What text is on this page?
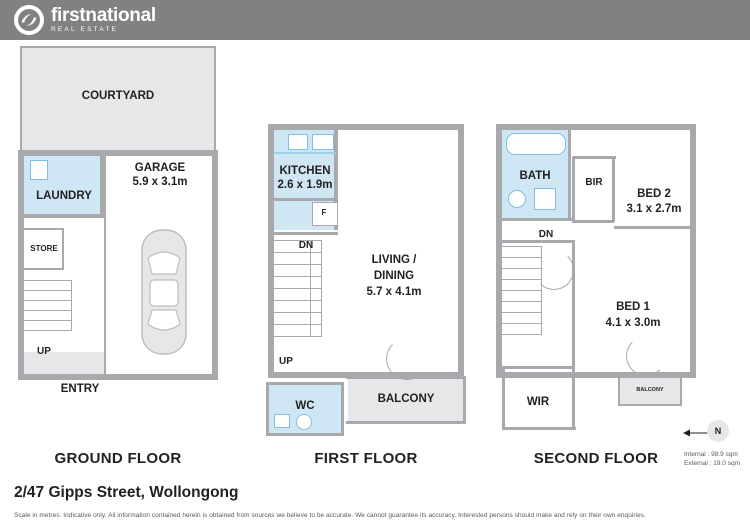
firstnational
REAL ESTATE
COURTYARD
GARAGE
5.9 x 3.1m
LAUNDRY
STORE
UP
ENTRY
GROUND FLOOR
KITCHEN
2.6 x 1.9m
F
DN
UP
LIVING /
DINING
5.7 x 4.1m
WC
BALCONY
FIRST FLOOR
BATH
BIR
BED 2
3.1 x 2.7m
DN
BED 1
4.1 x 3.0m
WIR
BALCONY
SECOND FLOOR
N
Internal : 98.9 sqm
External : 19.0 sqm
2/47 Gipps Street, Wollongong
Scale in metres. Indicative only. All information contained herein is obtained from sources we believe to be accurate. We cannot guarantee its accuracy. Interested persons should make and rely on their own enquiries.
